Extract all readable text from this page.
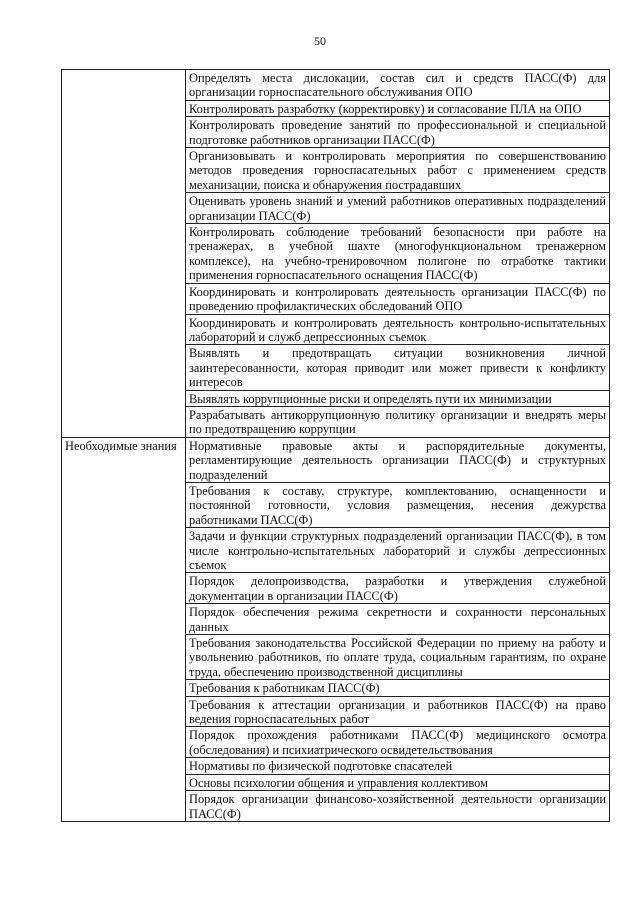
50
	Определять места дислокации, состав сил и средств ПАСС(Ф) для организации горноспасательного обслуживания ОПО
	Контролировать разработку (корректировку) и согласование ПЛА на ОПО
	Контролировать проведение занятий по профессиональной и специальной подготовке работников организации ПАСС(Ф)
	Организовывать и контролировать мероприятия по совершенствованию методов проведения горноспасательных работ с применением средств механизации, поиска и обнаружения пострадавших
	Оценивать уровень знаний и умений работников оперативных подразделений организации ПАСС(Ф)
	Контролировать соблюдение требований безопасности при работе на тренажерах, в учебной шахте (многофункциональном тренажерном комплексе), на учебно-тренировочном полигоне по отработке тактики применения горноспасательного оснащения ПАСС(Ф)
	Координировать и контролировать деятельность организации ПАСС(Ф) по проведению профилактических обследований ОПО
	Координировать и контролировать деятельность контрольно-испытательных лабораторий и служб депрессионных съемок
	Выявлять и предотвращать ситуации возникновения личной заинтересованности, которая приводит или может привести к конфликту интересов
	Выявлять коррупционные риски и определять пути их минимизации
	Разрабатывать антикоррупционную политику организации и внедрять меры по предотвращению коррупции
Необходимые знания	Нормативные правовые акты и распорядительные документы, регламентирующие деятельность организации ПАСС(Ф) и структурных подразделений
	Требования к составу, структуре, комплектованию, оснащенности и постоянной готовности, условия размещения, несения дежурства работниками ПАСС(Ф)
	Задачи и функции структурных подразделений организации ПАСС(Ф), в том числе контрольно-испытательных лабораторий и службы депрессионных съемок
	Порядок делопроизводства, разработки и утверждения служебной документации в организации ПАСС(Ф)
	Порядок обеспечения режима секретности и сохранности персональных данных
	Требования законодательства Российской Федерации по приему на работу и увольнению работников, по оплате труда, социальным гарантиям, по охране труда, обеспечению производственной дисциплины
	Требования к работникам ПАСС(Ф)
	Требования к аттестации организации и работников ПАСС(Ф) на право ведения горноспасательных работ
	Порядок прохождения работниками ПАСС(Ф) медицинского осмотра (обследования) и психиатрического освидетельствования
	Нормативы по физической подготовке спасателей
	Основы психологии общения и управления коллективом
	Порядок организации финансово-хозяйственной деятельности организации ПАСС(Ф)
